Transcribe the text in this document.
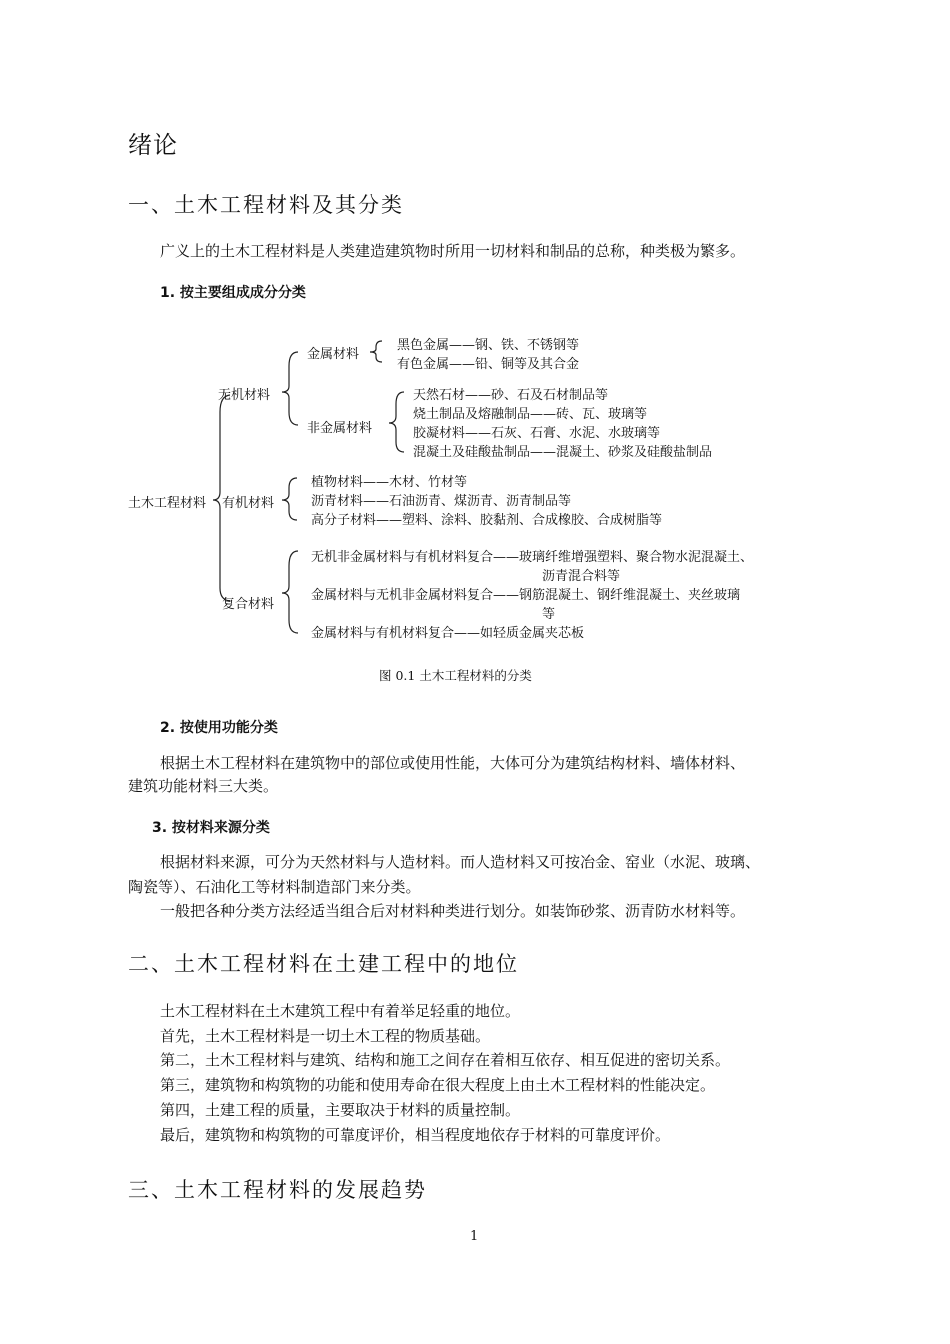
绪论
一、土木工程材料及其分类
广义上的土木工程材料是人类建造建筑物时所用一切材料和制品的总称，种类极为繁多。
1. 按主要组成成分分类
土木工程材料
无机材料
金属材料
黑色金属——钢、铁、不锈钢等
有色金属——铅、铜等及其合金
非金属材料
天然石材——砂、石及石材制品等
烧土制品及熔融制品——砖、瓦、玻璃等
胶凝材料——石灰、石膏、水泥、水玻璃等
混凝土及硅酸盐制品——混凝土、砂浆及硅酸盐制品
有机材料
植物材料——木材、竹材等
沥青材料——石油沥青、煤沥青、沥青制品等
高分子材料——塑料、涂料、胶黏剂、合成橡胶、合成树脂等
复合材料
无机非金属材料与有机材料复合——玻璃纤维增强塑料、聚合物水泥混凝土、
沥青混合料等
金属材料与无机非金属材料复合——钢筋混凝土、钢纤维混凝土、夹丝玻璃
等
金属材料与有机材料复合——如轻质金属夹芯板
图 0.1 土木工程材料的分类
2. 按使用功能分类
根据土木工程材料在建筑物中的部位或使用性能，大体可分为建筑结构材料、墙体材料、
建筑功能材料三大类。
3. 按材料来源分类
根据材料来源，可分为天然材料与人造材料。而人造材料又可按冶金、窑业（水泥、玻璃、
陶瓷等）、石油化工等材料制造部门来分类。
一般把各种分类方法经适当组合后对材料种类进行划分。如装饰砂浆、沥青防水材料等。
二、土木工程材料在土建工程中的地位
土木工程材料在土木建筑工程中有着举足轻重的地位。
首先，土木工程材料是一切土木工程的物质基础。
第二，土木工程材料与建筑、结构和施工之间存在着相互依存、相互促进的密切关系。
第三，建筑物和构筑物的功能和使用寿命在很大程度上由土木工程材料的性能决定。
第四，土建工程的质量，主要取决于材料的质量控制。
最后，建筑物和构筑物的可靠度评价，相当程度地依存于材料的可靠度评价。
三、土木工程材料的发展趋势
1
